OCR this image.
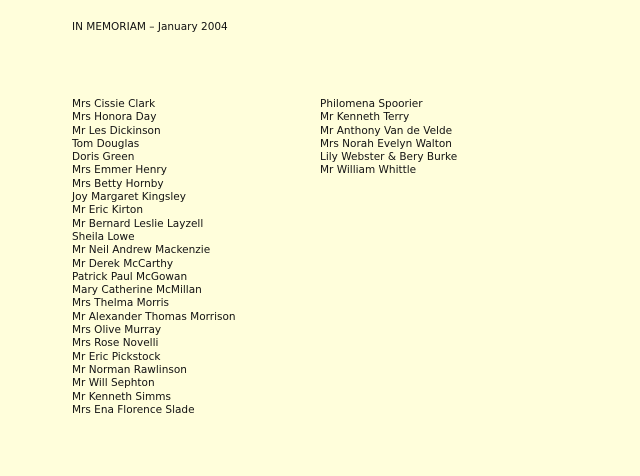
IN MEMORIAM – January 2004
Mrs Cissie Clark
Mrs Honora Day
Mr Les Dickinson
Tom Douglas
Doris Green
Mrs Emmer Henry
Mrs Betty Hornby
Joy Margaret Kingsley
Mr Eric Kirton
Mr Bernard Leslie Layzell
Sheila Lowe
Mr Neil Andrew Mackenzie
Mr Derek McCarthy
Patrick Paul McGowan
Mary Catherine McMillan
Mrs Thelma Morris
Mr Alexander Thomas Morrison
Mrs Olive Murray
Mrs Rose Novelli
Mr Eric Pickstock
Mr Norman Rawlinson
Mr Will Sephton
Mr Kenneth Simms
Mrs Ena Florence Slade
Philomena Spoorier
Mr Kenneth Terry
Mr Anthony Van de Velde
Mrs Norah Evelyn Walton
Lily Webster & Bery Burke
Mr William Whittle
